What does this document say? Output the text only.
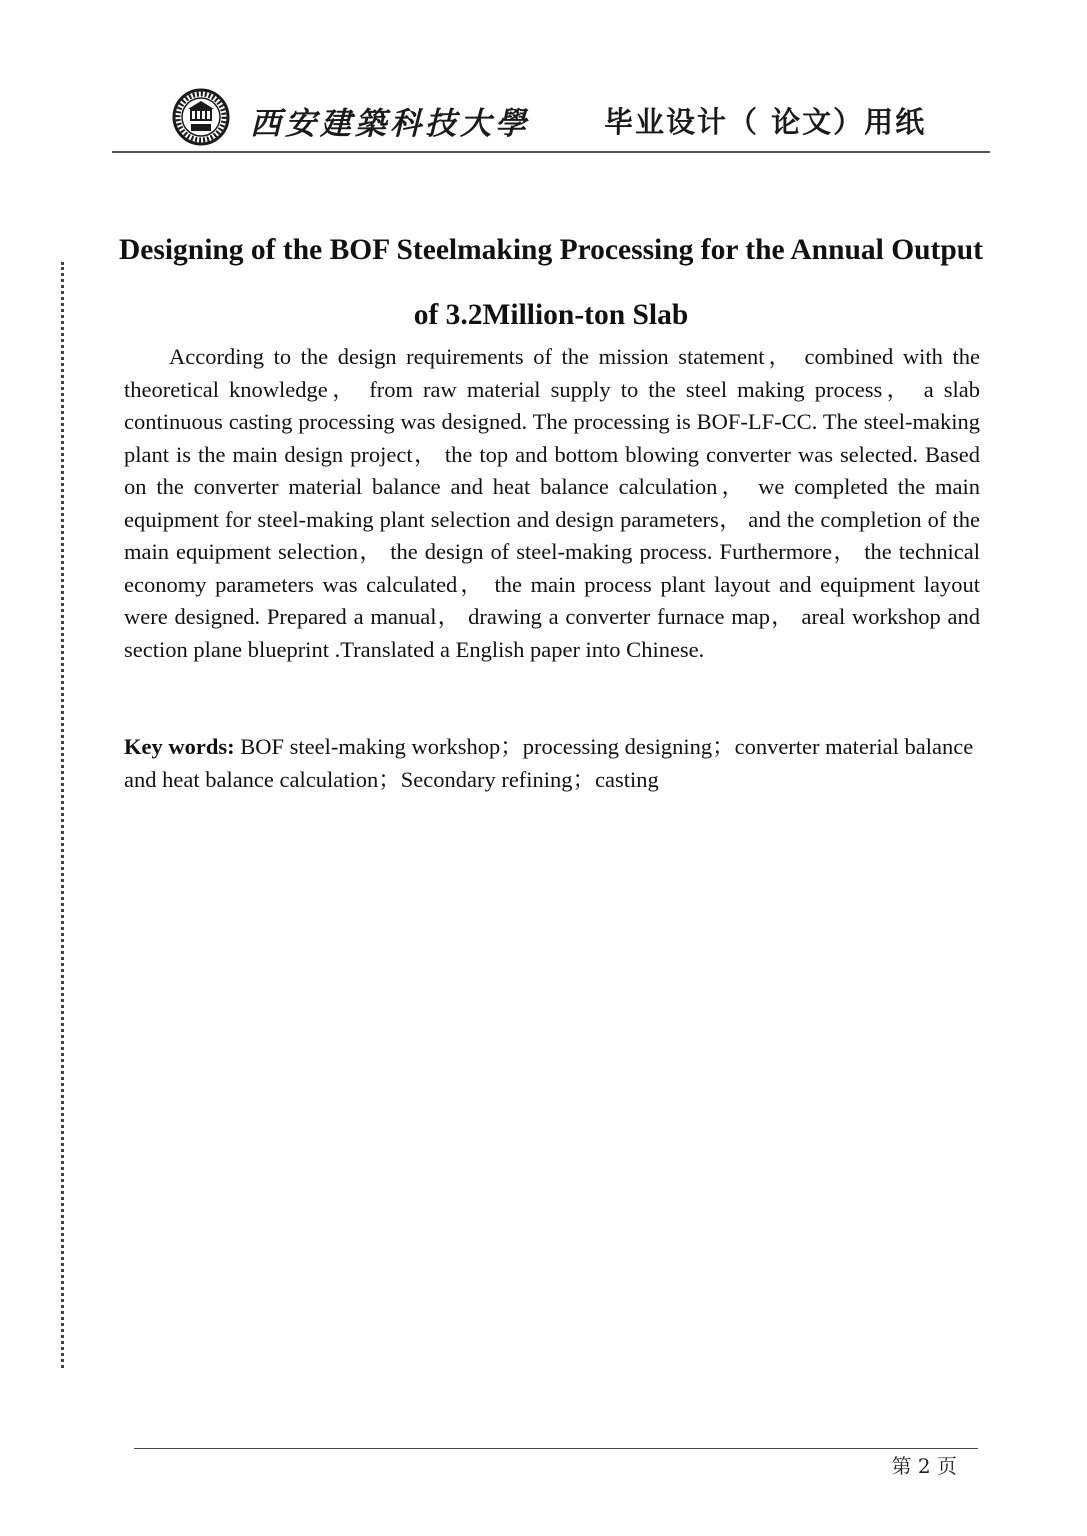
西安建築科技大學	毕业设计（ 论文）用纸
Designing of the BOF Steelmaking Processing for the Annual Output of 3.2Million-ton Slab

According to the design requirements of the mission statement， combined with the theoretical knowledge， from raw material supply to the steel making process， a slab continuous casting processing was designed. The processing is BOF-LF-CC. The steel-making plant is the main design project， the top and bottom blowing converter was selected. Based on the converter material balance and heat balance calculation， we completed the main equipment for steel-making plant selection and design parameters， and the completion of the main equipment selection， the design of steel-making process. Furthermore， the technical economy parameters was calculated， the main process plant layout and equipment layout were designed. Prepared a manual， drawing a converter furnace map， areal workshop and section plane blueprint .Translated a English paper into Chinese.

Key words: BOF steel-making workshop；processing designing；converter material balance and heat balance calculation；Secondary refining；casting

第 2 页
